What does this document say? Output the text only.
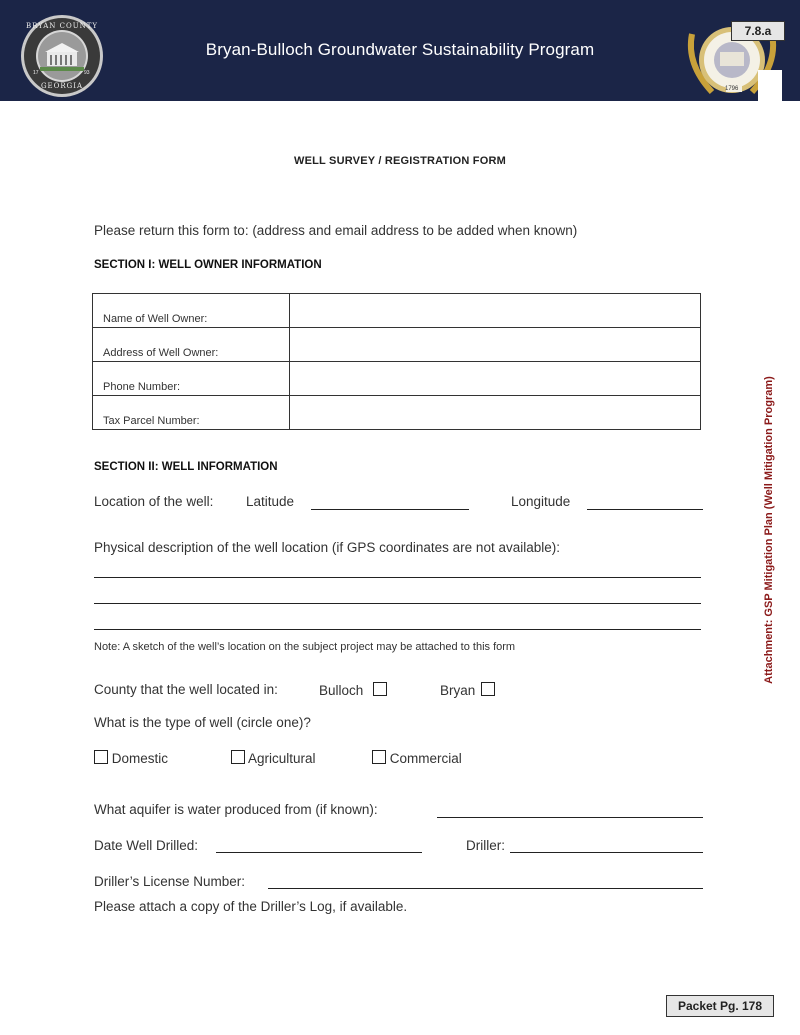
BRYAN COUNTY
GEORGIA
17	93
Bryan-Bulloch Groundwater Sustainability Program
1796
7.8.a
WELL SURVEY / REGISTRATION FORM
Please return this form to: (address and email address to be added when known)
SECTION I: WELL OWNER INFORMATION
Name of Well Owner:	
Address of Well Owner:	
Phone Number:	
Tax Parcel Number:	
SECTION II: WELL INFORMATION
Location of the well: Latitude	Longitude
Physical description of the well location (if GPS coordinates are not available):
Note: A sketch of the well’s location on the subject project may be attached to this form
County that the well located in:	Bulloch	Bryan
What is the type of well (circle one)?
Domestic	Agricultural	Commercial
What aquifer is water produced from (if known):
Date Well Drilled:	Driller:
Driller’s License Number:
Please attach a copy of the Driller’s Log, if available.
Attachment: GSP Mitigation Plan (Well Mitigation Program)
Packet Pg. 178
